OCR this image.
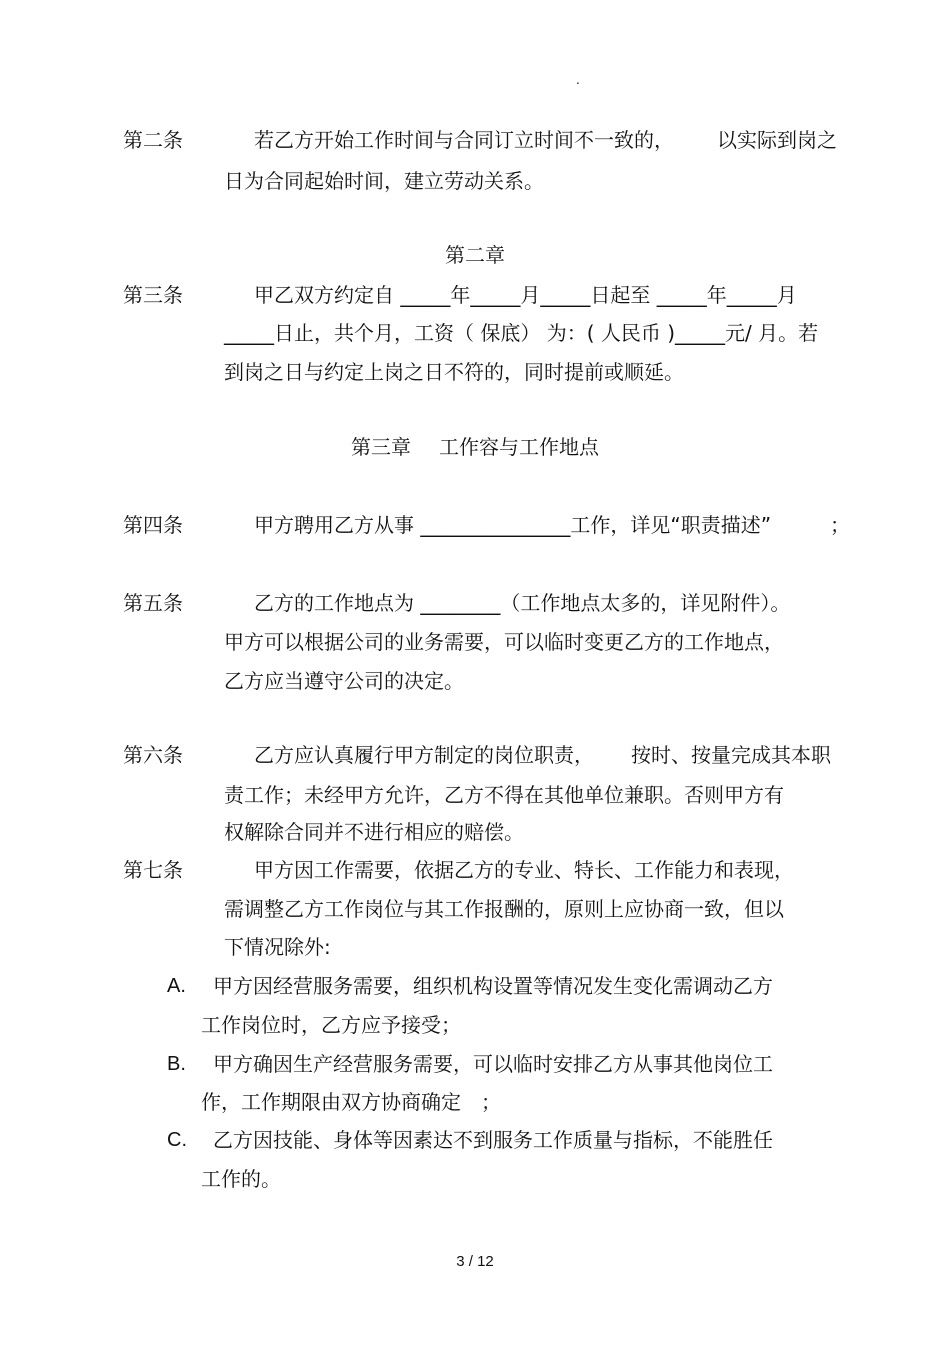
.
第二条	若乙方开始工作时间与合同订立时间不一致的， 以实际到岗之
日为合同起始时间，建立劳动关系。
第二章
第三条	甲乙双方约定自 _____年_____月_____日起至 _____年_____月
_____日止，共个月，工资（ 保底） 为：( 人民币 )_____元/ 月。若
到岗之日与约定上岗之日不符的，同时提前或顺延。
第三章 工作容与工作地点
第四条	甲方聘用乙方从事 _______________工作，详见“职责描述”	；
第五条	乙方的工作地点为 ________（工作地点太多的，详见附件）。
甲方可以根据公司的业务需要，可以临时变更乙方的工作地点，
乙方应当遵守公司的决定。
第六条	乙方应认真履行甲方制定的岗位职责， 按时、按量完成其本职
责工作；未经甲方允许，乙方不得在其他单位兼职。否则甲方有
权解除合同并不进行相应的赔偿。
第七条	甲方因工作需要，依据乙方的专业、特长、工作能力和表现，
需调整乙方工作岗位与其工作报酬的，原则上应协商一致，但以
下情况除外:
A. 甲方因经营服务需要，组织机构设置等情况发生变化需调动乙方
工作岗位时，乙方应予接受；
B. 甲方确因生产经营服务需要，可以临时安排乙方从事其他岗位工
作，工作期限由双方协商确定　；
C. 乙方因技能、身体等因素达不到服务工作质量与指标，不能胜任
工作的。
3 / 12
